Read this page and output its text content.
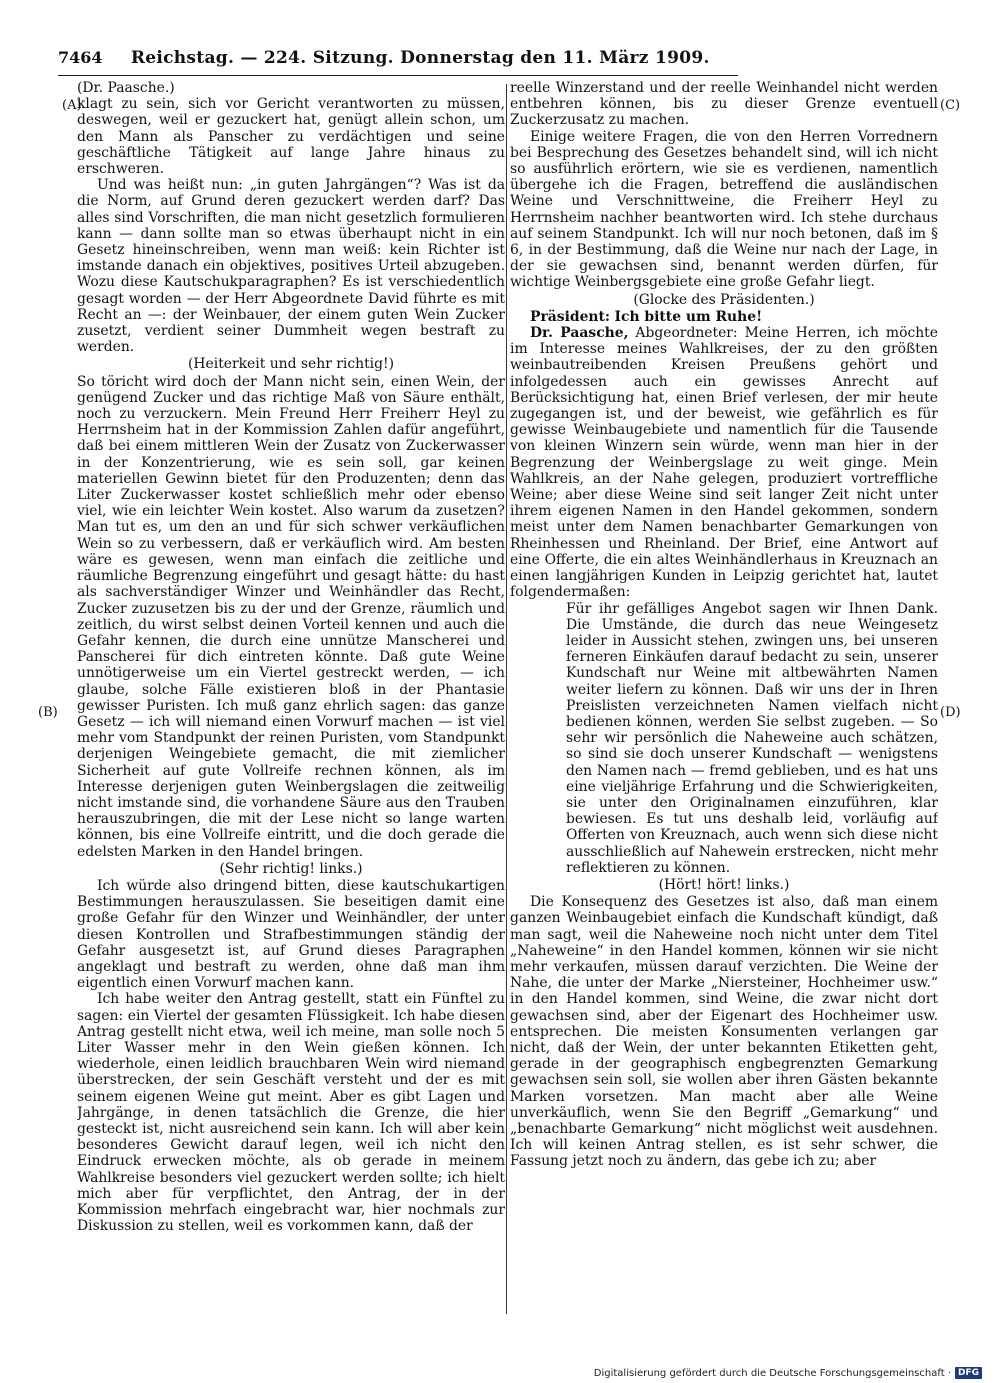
7464	Reichstag. — 224. Sitzung. Donnerstag den 11. März 1909.
(A)
(B)
(C)
(D)

(Dr. Paasche.)

klagt zu sein, sich vor Gericht verantworten zu müssen, deswegen, weil er gezuckert hat, genügt allein schon, um den Mann als Panscher zu verdächtigen und seine geschäftliche Tätigkeit auf lange Jahre hinaus zu erschweren.

Und was heißt nun: „in guten Jahrgängen“? Was ist da die Norm, auf Grund deren gezuckert werden darf? Das alles sind Vorschriften, die man nicht gesetzlich formulieren kann — dann sollte man so etwas überhaupt nicht in ein Gesetz hineinschreiben, wenn man weiß: kein Richter ist imstande danach ein objektives, positives Urteil abzugeben. Wozu diese Kautschukparagraphen? Es ist verschiedentlich gesagt worden — der Herr Abgeordnete David führte es mit Recht an —: der Weinbauer, der einem guten Wein Zucker zusetzt, verdient seiner Dummheit wegen bestraft zu werden.

(Heiterkeit und sehr richtig!)

So töricht wird doch der Mann nicht sein, einen Wein, der genügend Zucker und das richtige Maß von Säure enthält, noch zu verzuckern. Mein Freund Herr Freiherr Heyl zu Herrnsheim hat in der Kommission Zahlen dafür angeführt, daß bei einem mittleren Wein der Zusatz von Zuckerwasser in der Konzentrierung, wie es sein soll, gar keinen materiellen Gewinn bietet für den Produzenten; denn das Liter Zuckerwasser kostet schließlich mehr oder ebenso viel, wie ein leichter Wein kostet. Also warum da zusetzen? Man tut es, um den an und für sich schwer verkäuflichen Wein so zu verbessern, daß er verkäuflich wird. Am besten wäre es gewesen, wenn man einfach die zeitliche und räumliche Begrenzung eingeführt und gesagt hätte: du hast als sachverständiger Winzer und Weinhändler das Recht, Zucker zuzusetzen bis zu der und der Grenze, räumlich und zeitlich, du wirst selbst deinen Vorteil kennen und auch die Gefahr kennen, die durch eine unnütze Manscherei und Panscherei für dich eintreten könnte. Daß gute Weine unnötigerweise um ein Viertel gestreckt werden, — ich glaube, solche Fälle existieren bloß in der Phantasie gewisser Puristen. Ich muß ganz ehrlich sagen: das ganze Gesetz — ich will niemand einen Vorwurf machen — ist viel mehr vom Standpunkt der reinen Puristen, vom Standpunkt derjenigen Weingebiete gemacht, die mit ziemlicher Sicherheit auf gute Vollreife rechnen können, als im Interesse derjenigen guten Weinbergslagen die zeitweilig nicht imstande sind, die vorhandene Säure aus den Trauben herauszubringen, die mit der Lese nicht so lange warten können, bis eine Vollreife eintritt, und die doch gerade die edelsten Marken in den Handel bringen.

(Sehr richtig! links.)

Ich würde also dringend bitten, diese kautschukartigen Bestimmungen herauszulassen. Sie beseitigen damit eine große Gefahr für den Winzer und Weinhändler, der unter diesen Kontrollen und Strafbestimmungen ständig der Gefahr ausgesetzt ist, auf Grund dieses Paragraphen angeklagt und bestraft zu werden, ohne daß man ihm eigentlich einen Vorwurf machen kann.

Ich habe weiter den Antrag gestellt, statt ein Fünftel zu sagen: ein Viertel der gesamten Flüssigkeit. Ich habe diesen Antrag gestellt nicht etwa, weil ich meine, man solle noch 5 Liter Wasser mehr in den Wein gießen können. Ich wiederhole, einen leidlich brauchbaren Wein wird niemand überstrecken, der sein Geschäft versteht und der es mit seinem eigenen Weine gut meint. Aber es gibt Lagen und Jahrgänge, in denen tatsächlich die Grenze, die hier gesteckt ist, nicht ausreichend sein kann. Ich will aber kein besonderes Gewicht darauf legen, weil ich nicht den Eindruck erwecken möchte, als ob gerade in meinem Wahlkreise besonders viel gezuckert werden sollte; ich hielt mich aber für verpflichtet, den Antrag, der in der Kommission mehrfach eingebracht war, hier nochmals zur Diskussion zu stellen, weil es vorkommen kann, daß der

reelle Winzerstand und der reelle Weinhandel nicht werden entbehren können, bis zu dieser Grenze eventuell Zuckerzusatz zu machen.

Einige weitere Fragen, die von den Herren Vorrednern bei Besprechung des Gesetzes behandelt sind, will ich nicht so ausführlich erörtern, wie sie es verdienen, namentlich übergehe ich die Fragen, betreffend die ausländischen Weine und Verschnittweine, die Freiherr Heyl zu Herrnsheim nachher beantworten wird. Ich stehe durchaus auf seinem Standpunkt. Ich will nur noch betonen, daß im § 6, in der Bestimmung, daß die Weine nur nach der Lage, in der sie gewachsen sind, benannt werden dürfen, für wichtige Weinbergsgebiete eine große Gefahr liegt.

(Glocke des Präsidenten.)

Präsident: Ich bitte um Ruhe!

Dr. Paasche, Abgeordneter: Meine Herren, ich möchte im Interesse meines Wahlkreises, der zu den größten weinbautreibenden Kreisen Preußens gehört und infolgedessen auch ein gewisses Anrecht auf Berücksichtigung hat, einen Brief verlesen, der mir heute zugegangen ist, und der beweist, wie gefährlich es für gewisse Weinbaugebiete und namentlich für die Tausende von kleinen Winzern sein würde, wenn man hier in der Begrenzung der Weinbergslage zu weit ginge. Mein Wahlkreis, an der Nahe gelegen, produziert vortreffliche Weine; aber diese Weine sind seit langer Zeit nicht unter ihrem eigenen Namen in den Handel gekommen, sondern meist unter dem Namen benachbarter Gemarkungen von Rheinhessen und Rheinland. Der Brief, eine Antwort auf eine Offerte, die ein altes Weinhändlerhaus in Kreuznach an einen langjährigen Kunden in Leipzig gerichtet hat, lautet folgendermaßen:

Für ihr gefälliges Angebot sagen wir Ihnen Dank. Die Umstände, die durch das neue Weingesetz leider in Aussicht stehen, zwingen uns, bei unseren ferneren Einkäufen darauf bedacht zu sein, unserer Kundschaft nur Weine mit altbewährten Namen weiter liefern zu können. Daß wir uns der in Ihren Preislisten verzeichneten Namen vielfach nicht bedienen können, werden Sie selbst zugeben. — So sehr wir persönlich die Naheweine auch schätzen, so sind sie doch unserer Kundschaft — wenigstens den Namen nach — fremd geblieben, und es hat uns eine vieljährige Erfahrung und die Schwierigkeiten, sie unter den Originalnamen einzuführen, klar bewiesen. Es tut uns deshalb leid, vorläufig auf Offerten von Kreuznach, auch wenn sich diese nicht ausschließlich auf Nahewein erstrecken, nicht mehr reflektieren zu können.

(Hört! hört! links.)

Die Konsequenz des Gesetzes ist also, daß man einem ganzen Weinbaugebiet einfach die Kundschaft kündigt, daß man sagt, weil die Naheweine noch nicht unter dem Titel „Naheweine“ in den Handel kommen, können wir sie nicht mehr verkaufen, müssen darauf verzichten. Die Weine der Nahe, die unter der Marke „Niersteiner, Hochheimer usw.“ in den Handel kommen, sind Weine, die zwar nicht dort gewachsen sind, aber der Eigenart des Hochheimer usw. entsprechen. Die meisten Konsumenten verlangen gar nicht, daß der Wein, der unter bekannten Etiketten geht, gerade in der geographisch engbegrenzten Gemarkung gewachsen sein soll, sie wollen aber ihren Gästen bekannte Marken vorsetzen. Man macht aber alle Weine unverkäuflich, wenn Sie den Begriff „Gemarkung“ und „benachbarte Gemarkung“ nicht möglichst weit ausdehnen. Ich will keinen Antrag stellen, es ist sehr schwer, die Fassung jetzt noch zu ändern, das gebe ich zu; aber

Digitalisierung gefördert durch die Deutsche Forschungsgemeinschaft · DFG
